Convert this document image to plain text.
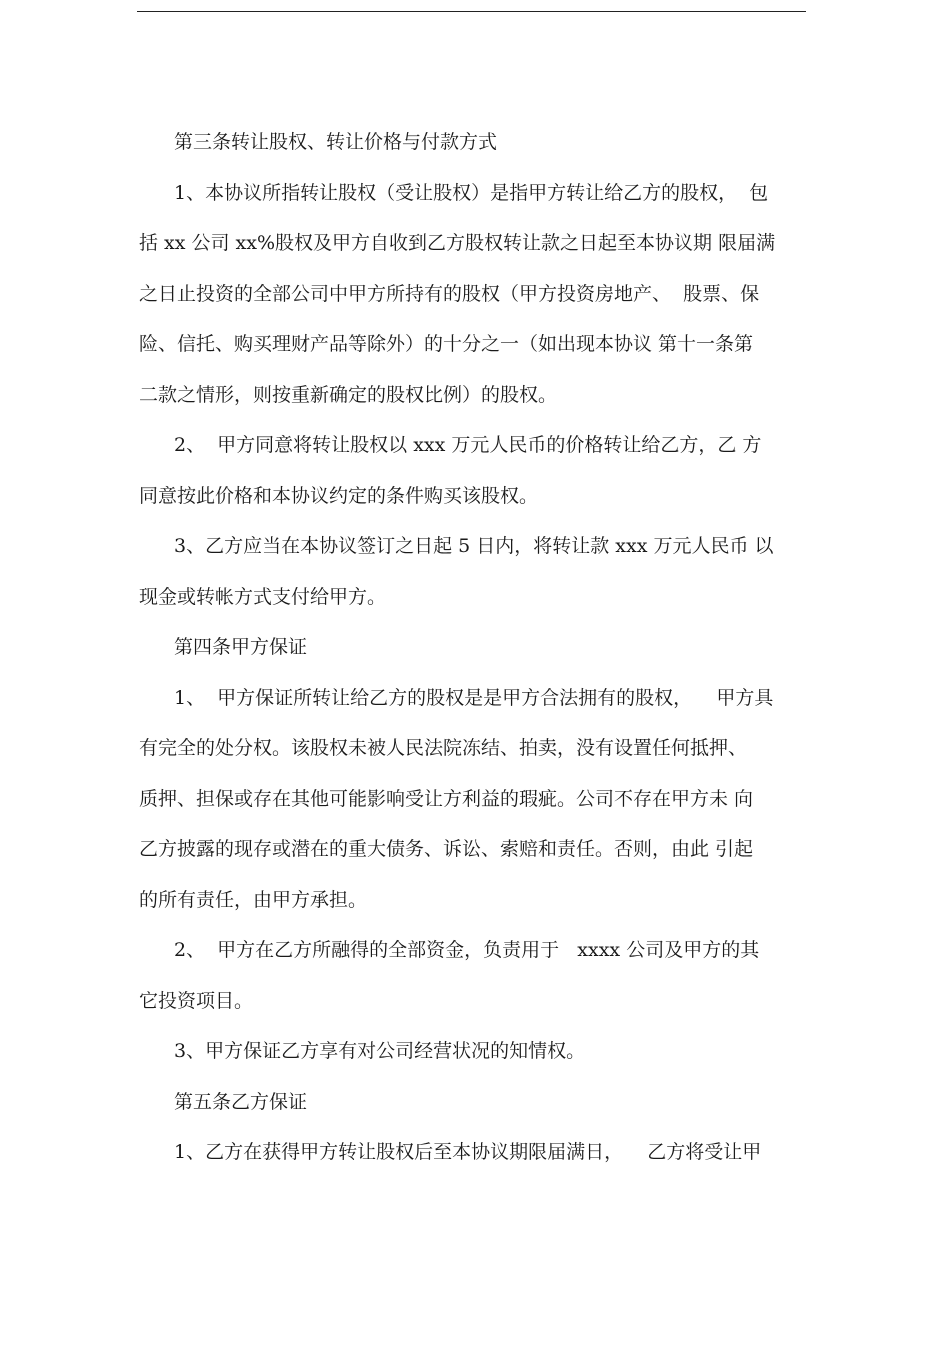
第三条转让股权、转让价格与付款方式
1、本协议所指转让股权（受让股权）是指甲方转让给乙方的股权，  包
括 xx 公司 xx%股权及甲方自收到乙方股权转让款之日起至本协议期 限届满
之日止投资的全部公司中甲方所持有的股权（甲方投资房地产、  股票、保
险、信托、购买理财产品等除外）的十分之一（如出现本协议 第十一条第
二款之情形，则按重新确定的股权比例）的股权。
2、  甲方同意将转让股权以 xxx 万元人民币的价格转让给乙方，乙 方
同意按此价格和本协议约定的条件购买该股权。
3、乙方应当在本协议签订之日起 5 日内，将转让款 xxx 万元人民币 以
现金或转帐方式支付给甲方。
第四条甲方保证
1、  甲方保证所转让给乙方的股权是是甲方合法拥有的股权，    甲方具
有完全的处分权。该股权未被人民法院冻结、拍卖，没有设置任何抵押、
质押、担保或存在其他可能影响受让方利益的瑕疵。公司不存在甲方未 向
乙方披露的现存或潜在的重大债务、诉讼、索赔和责任。否则，由此 引起
的所有责任，由甲方承担。
2、  甲方在乙方所融得的全部资金，负责用于   xxxx 公司及甲方的其
它投资项目。
3、甲方保证乙方享有对公司经营状况的知情权。
第五条乙方保证
1、乙方在获得甲方转让股权后至本协议期限届满日，    乙方将受让甲
